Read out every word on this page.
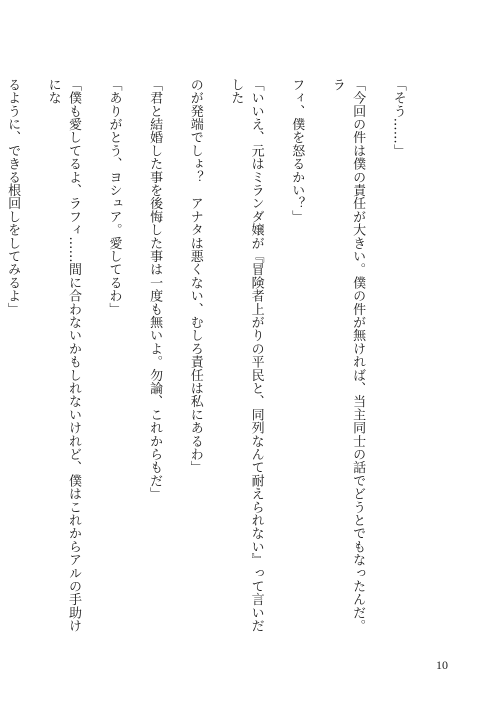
「そう……」

「今回の件は僕の責任が大きい。僕の件が無ければ、当主同士の話でどうとでもなったんだ。ラ

フィ、僕を怒るかい？」

「いいえ、元はミランダ嬢が『冒険者上がりの平民と、同列なんて耐えられない』って言いだした

のが発端でしょ？　アナタは悪くない、むしろ責任は私にあるわ」

「君と結婚した事を後悔した事は一度も無いよ。勿論、これからもだ」

「ありがとう、ヨシュア。愛してるわ」

「僕も愛してるよ、ラフィ……間に合わないかもしれないけれど、僕はこれからアルの手助けにな

るように、できる根回しをしてみるよ」

10
